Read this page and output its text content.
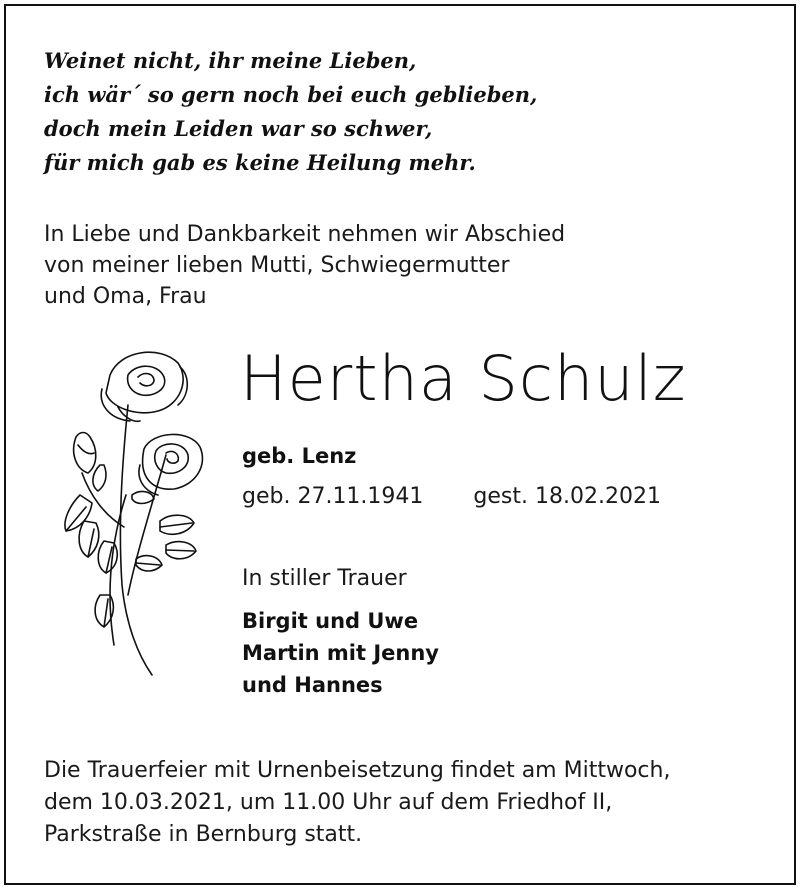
Weinet nicht, ihr meine Lieben,
ich wär´ so gern noch bei euch geblieben,
doch mein Leiden war so schwer,
für mich gab es keine Heilung mehr.
In Liebe und Dankbarkeit nehmen wir Abschied
von meiner lieben Mutti, Schwiegermutter
und Oma, Frau
Hertha Schulz
geb. Lenz
geb. 27.11.1941 gest. 18.02.2021
In stiller Trauer
Birgit und Uwe
Martin mit Jenny
und Hannes
Die Trauerfeier mit Urnenbeisetzung findet am Mittwoch,
dem 10.03.2021, um 11.00 Uhr auf dem Friedhof II,
Parkstraße in Bernburg statt.
